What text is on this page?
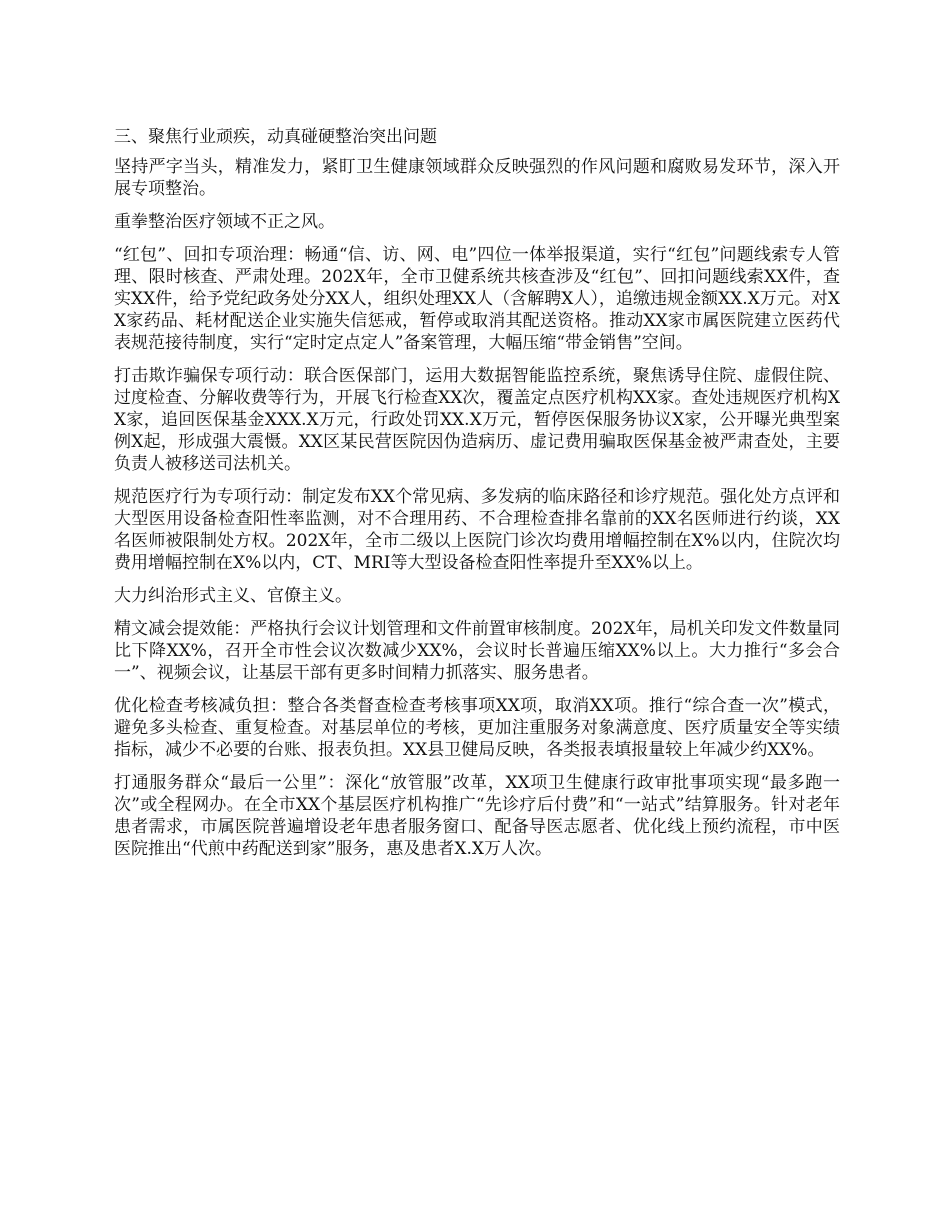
三、聚焦行业顽疾，动真碰硬整治突出问题

坚持严字当头，精准发力，紧盯卫生健康领域群众反映强烈的作风问题和腐败易发环节，深入开展专项整治。

重拳整治医疗领域不正之风。

“红包”、回扣专项治理：畅通“信、访、网、电”四位一体举报渠道，实行“红包”问题线索专人管理、限时核查、严肃处理。202X年，全市卫健系统共核查涉及“红包”、回扣问题线索XX件，查实XX件，给予党纪政务处分XX人，组织处理XX人（含解聘X人），追缴违规金额XX.X万元。对XX家药品、耗材配送企业实施失信惩戒，暂停或取消其配送资格。推动XX家市属医院建立医药代表规范接待制度，实行“定时定点定人”备案管理，大幅压缩“带金销售”空间。

打击欺诈骗保专项行动：联合医保部门，运用大数据智能监控系统，聚焦诱导住院、虚假住院、过度检查、分解收费等行为，开展飞行检查XX次，覆盖定点医疗机构XX家。查处违规医疗机构XX家，追回医保基金XXX.X万元，行政处罚XX.X万元，暂停医保服务协议X家，公开曝光典型案例X起，形成强大震慑。XX区某民营医院因伪造病历、虚记费用骗取医保基金被严肃查处，主要负责人被移送司法机关。

规范医疗行为专项行动：制定发布XX个常见病、多发病的临床路径和诊疗规范。强化处方点评和大型医用设备检查阳性率监测，对不合理用药、不合理检查排名靠前的XX名医师进行约谈，XX名医师被限制处方权。202X年，全市二级以上医院门诊次均费用增幅控制在X%以内，住院次均费用增幅控制在X%以内，CT、MRI等大型设备检查阳性率提升至XX%以上。

大力纠治形式主义、官僚主义。

精文减会提效能：严格执行会议计划管理和文件前置审核制度。202X年，局机关印发文件数量同比下降XX%，召开全市性会议次数减少XX%，会议时长普遍压缩XX%以上。大力推行“多会合一”、视频会议，让基层干部有更多时间精力抓落实、服务患者。

优化检查考核减负担：整合各类督查检查考核事项XX项，取消XX项。推行“综合查一次”模式，避免多头检查、重复检查。对基层单位的考核，更加注重服务对象满意度、医疗质量安全等实绩指标，减少不必要的台账、报表负担。XX县卫健局反映，各类报表填报量较上年减少约XX%。

打通服务群众“最后一公里”：深化“放管服”改革，XX项卫生健康行政审批事项实现“最多跑一次”或全程网办。在全市XX个基层医疗机构推广“先诊疗后付费”和“一站式”结算服务。针对老年患者需求，市属医院普遍增设老年患者服务窗口、配备导医志愿者、优化线上预约流程，市中医医院推出“代煎中药配送到家”服务，惠及患者X.X万人次。
